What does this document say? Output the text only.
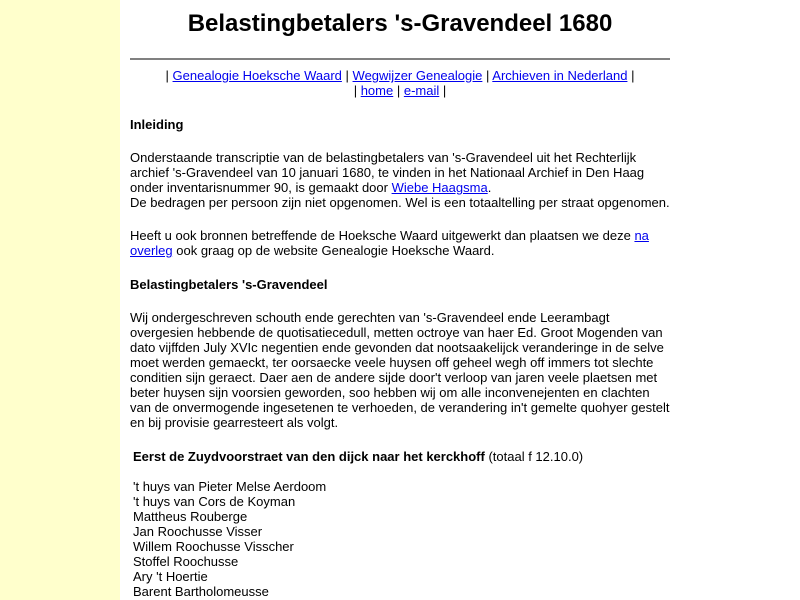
Belastingbetalers 's-Gravendeel 1680
| Genealogie Hoeksche Waard | Wegwijzer Genealogie | Archieven in Nederland |
| home | e-mail |
Inleiding

Onderstaande transcriptie van de belastingbetalers van 's-Gravendeel uit het Rechterlijk archief 's-Gravendeel van 10 januari 1680, te vinden in het Nationaal Archief in Den Haag onder inventarisnummer 90, is gemaakt door Wiebe Haagsma.
De bedragen per persoon zijn niet opgenomen. Wel is een totaaltelling per straat opgenomen.

Heeft u ook bronnen betreffende de Hoeksche Waard uitgewerkt dan plaatsen we deze na overleg ook graag op de website Genealogie Hoeksche Waard.

Belastingbetalers 's-Gravendeel

Wij ondergeschreven schouth ende gerechten van 's-Gravendeel ende Leerambagt overgesien hebbende de quotisatiecedull, metten octroye van haer Ed. Groot Mogenden van dato vijffden July XVIc negentien ende gevonden dat nootsaakelijck veranderinge in de selve moet werden gemaeckt, ter oorsaecke veele huysen off geheel wegh off immers tot slechte conditien sijn geraect. Daer aen de andere sijde door't verloop van jaren veele plaetsen met beter huysen sijn voorsien geworden, soo hebben wij om alle inconvenejenten en clachten van de onvermogende ingesetenen te verhoeden, de verandering in't gemelte quohyer gestelt en bij provisie gearresteert als volgt.

Eerst de Zuydvoorstraet van den dijck naar het kerckhoff (totaal f 12.10.0)
't huys van Pieter Melse Aerdoom
't huys van Cors de Koyman
Mattheus Rouberge
Jan Roochusse Visser
Willem Roochusse Visscher
Stoffel Roochusse
Ary 't Hoertie
Barent Bartholomeusse
